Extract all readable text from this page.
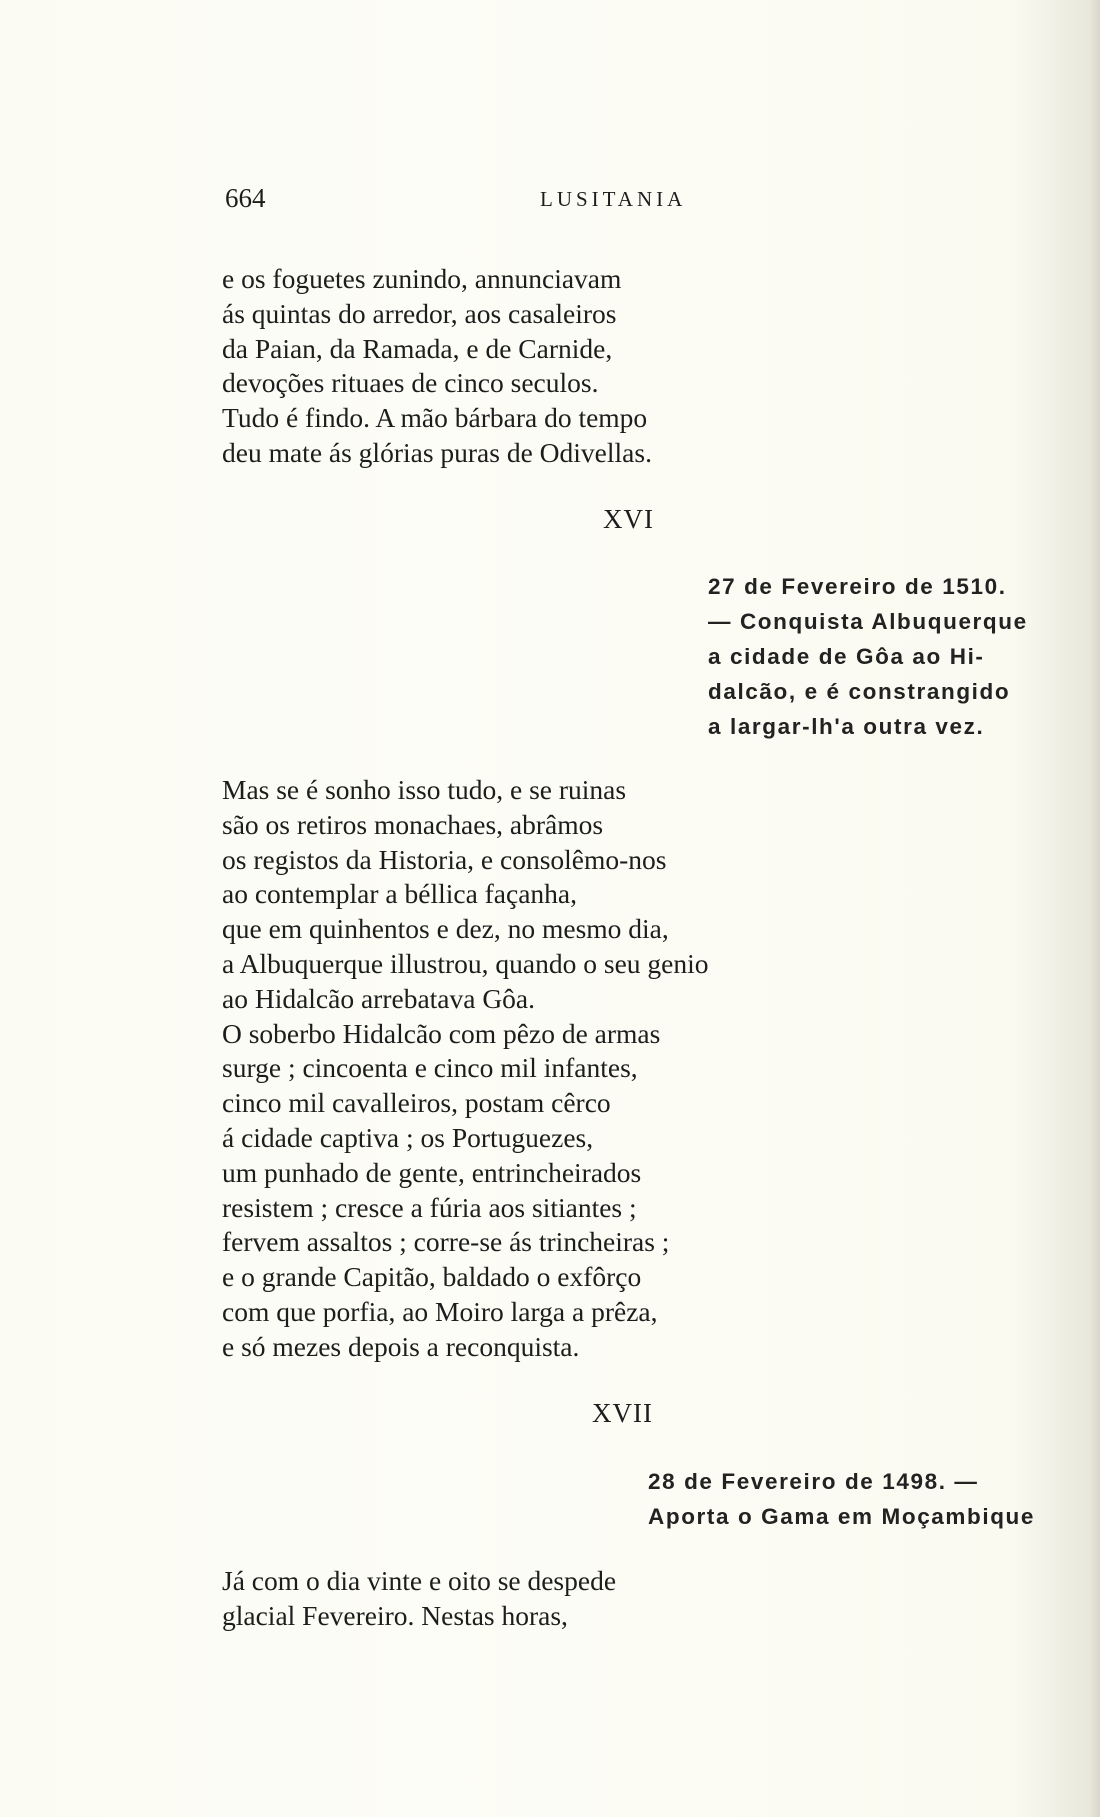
664	LUSITANIA
e os foguetes zunindo, annunciavam
ás quintas do arredor, aos casaleiros
da Paian, da Ramada, e de Carnide,
devoções rituaes de cinco seculos.
Tudo é findo. A mão bárbara do tempo
deu mate ás glórias puras de Odivellas.
XVI
27 de Fevereiro de 1510.
— Conquista Albuquerque
a cidade de Gôa ao Hi-
dalcão, e é constrangido
a largar-lh'a outra vez.
Mas se é sonho isso tudo, e se ruinas
são os retiros monachaes, abrâmos
os registos da Historia, e consolêmo-nos
ao contemplar a béllica façanha,
que em quinhentos e dez, no mesmo dia,
a Albuquerque illustrou, quando o seu genio
ao Hidalcão arrebatava Gôa.
O soberbo Hidalcão com pêzo de armas
surge ; cincoenta e cinco mil infantes,
cinco mil cavalleiros, postam cêrco
á cidade captiva ; os Portuguezes,
um punhado de gente, entrincheirados
resistem ; cresce a fúria aos sitiantes ;
fervem assaltos ; corre-se ás trincheiras ;
e o grande Capitão, baldado o exfôrço
com que porfia, ao Moiro larga a prêza,
e só mezes depois a reconquista.
XVII
28 de Fevereiro de 1498. —
Aporta o Gama em Moçambique
Já com o dia vinte e oito se despede
glacial Fevereiro. Nestas horas,
